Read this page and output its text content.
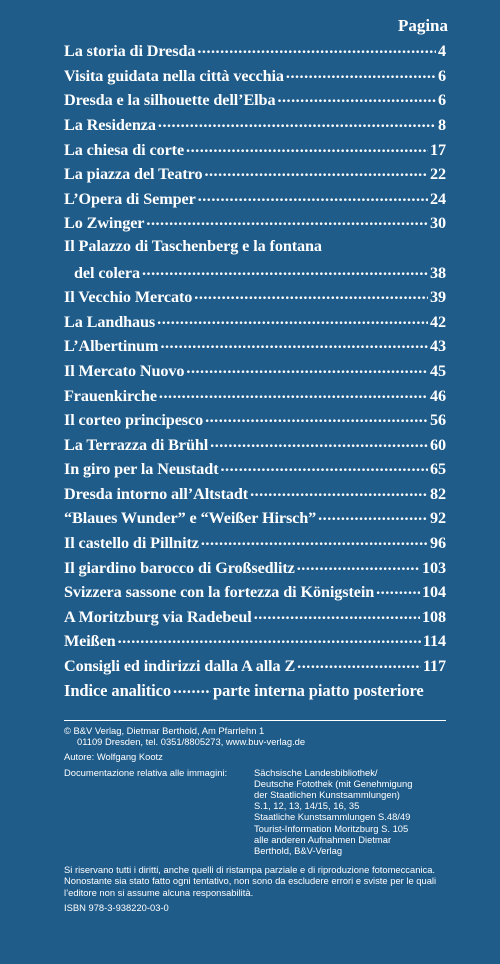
Pagina
La storia di Dresda .....	4
Visita guidata nella città vecchia .....	6
Dresda e la silhouette dell’Elba .....	6
La Residenza .....	8
La chiesa di corte .....	17
La piazza del Teatro .....	22
L’Opera di Semper .....	24
Lo Zwinger .....	30
Il Palazzo di Taschenberg e la fontana
del colera .....	38
Il Vecchio Mercato .....	39
La Landhaus .....	42
L’Albertinum .....	43
Il Mercato Nuovo .....	45
Frauenkirche .....	46
Il corteo principesco .....	56
La Terrazza di Brühl .....	60
In giro per la Neustadt .....	65
Dresda intorno all’Altstadt .....	82
“Blaues Wunder” e “Weißer Hirsch” .....	92
Il castello di Pillnitz .....	96
Il giardino barocco di Großsedlitz .....	103
Svizzera sassone con la fortezza di Königstein .....	104
A Moritzburg via Radebeul .....	108
Meißen .....	114
Consigli ed indirizzi dalla A alla Z .....	117
Indice analitico .....	parte interna piatto posteriore
© B&V Verlag, Dietmar Berthold, Am Pfarrlehn 1
01109 Dresden, tel. 0351/8805273, www.buv-verlag.de
Autore: Wolfgang Kootz
Documentazione relativa alle immagini:	Sächsische Landesbibliothek/
Deutsche Fotothek (mit Genehmigung
der Staatlichen Kunstsammlungen)
S.1, 12, 13, 14/15, 16, 35
Staatliche Kunstsammlungen S.48/49
Tourist-Information Moritzburg S. 105
alle anderen Aufnahmen Dietmar
Berthold, B&V-Verlag
Si riservano tutti i diritti, anche quelli di ristampa parziale e di riproduzione fotomeccanica. Nonostante sia stato fatto ogni tentativo, non sono da escludere errori e sviste per le quali l’editore non si assume alcuna responsabilità.
ISBN 978-3-938220-03-0
